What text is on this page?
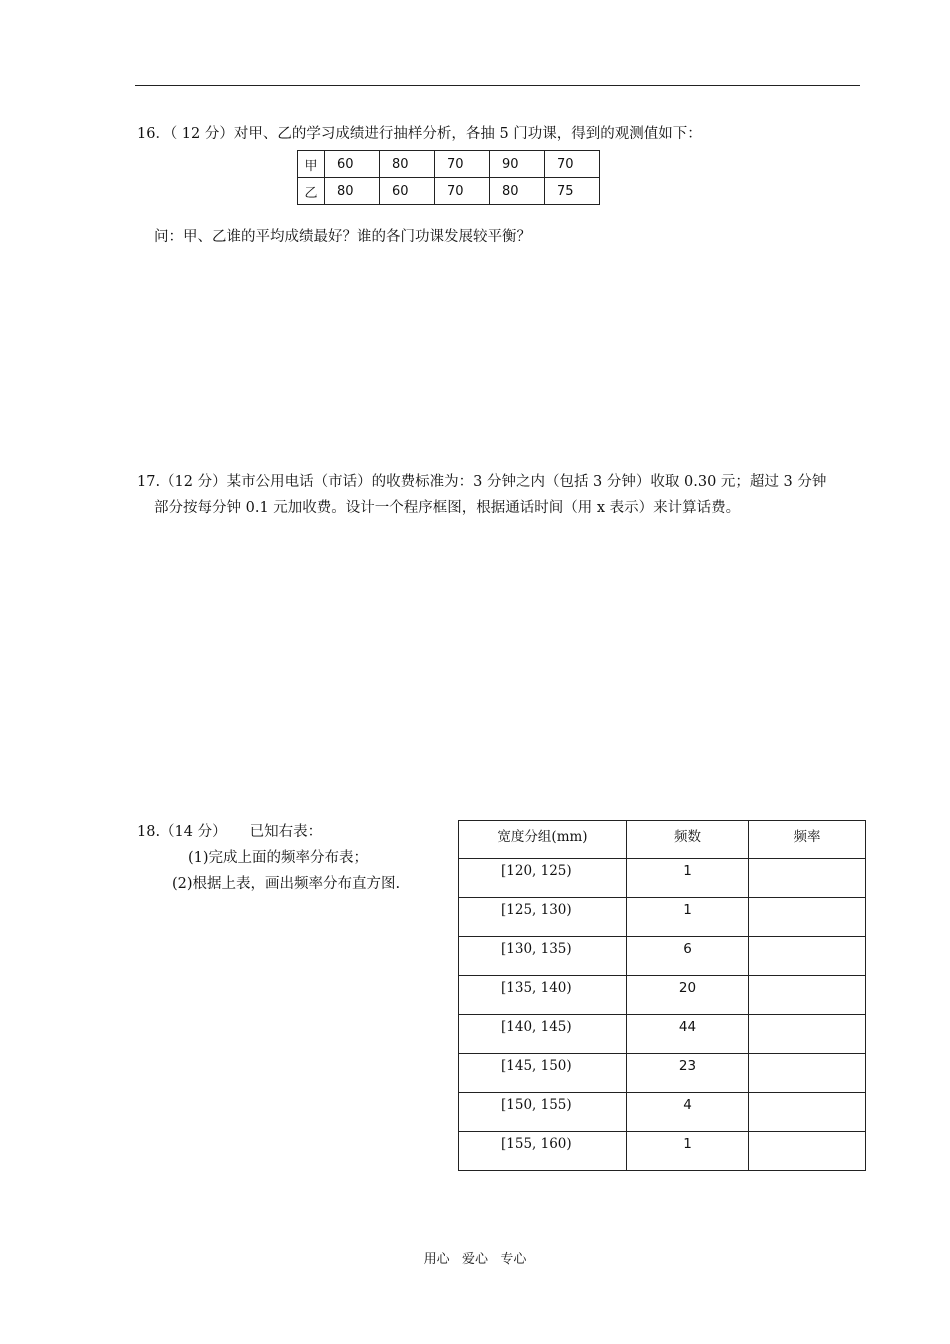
16．（ 12 分）对甲、乙的学习成绩进行抽样分析，各抽 5 门功课，得到的观测值如下：
甲	60	80	70	90	70
乙	80	60	70	80	75
问：甲、乙谁的平均成绩最好？谁的各门功课发展较平衡？
17.（12 分）某市公用电话（市话）的收费标准为：3 分钟之内（包括 3 分钟）收取 0.30 元；超过 3 分钟
部分按每分钟 0.1 元加收费。设计一个程序框图，根据通话时间（用 x 表示）来计算话费。
18.（14 分）     已知右表：
(1)完成上面的频率分布表；
(2)根据上表，画出频率分布直方图.
宽度分组(mm)	频数	频率
[120, 125)	1	
[125, 130)	1	
[130, 135)	6	
[135, 140)	20	
[140, 145)	44	
[145, 150)	23	
[150, 155)	4	
[155, 160)	1	
用心   爱心   专心
